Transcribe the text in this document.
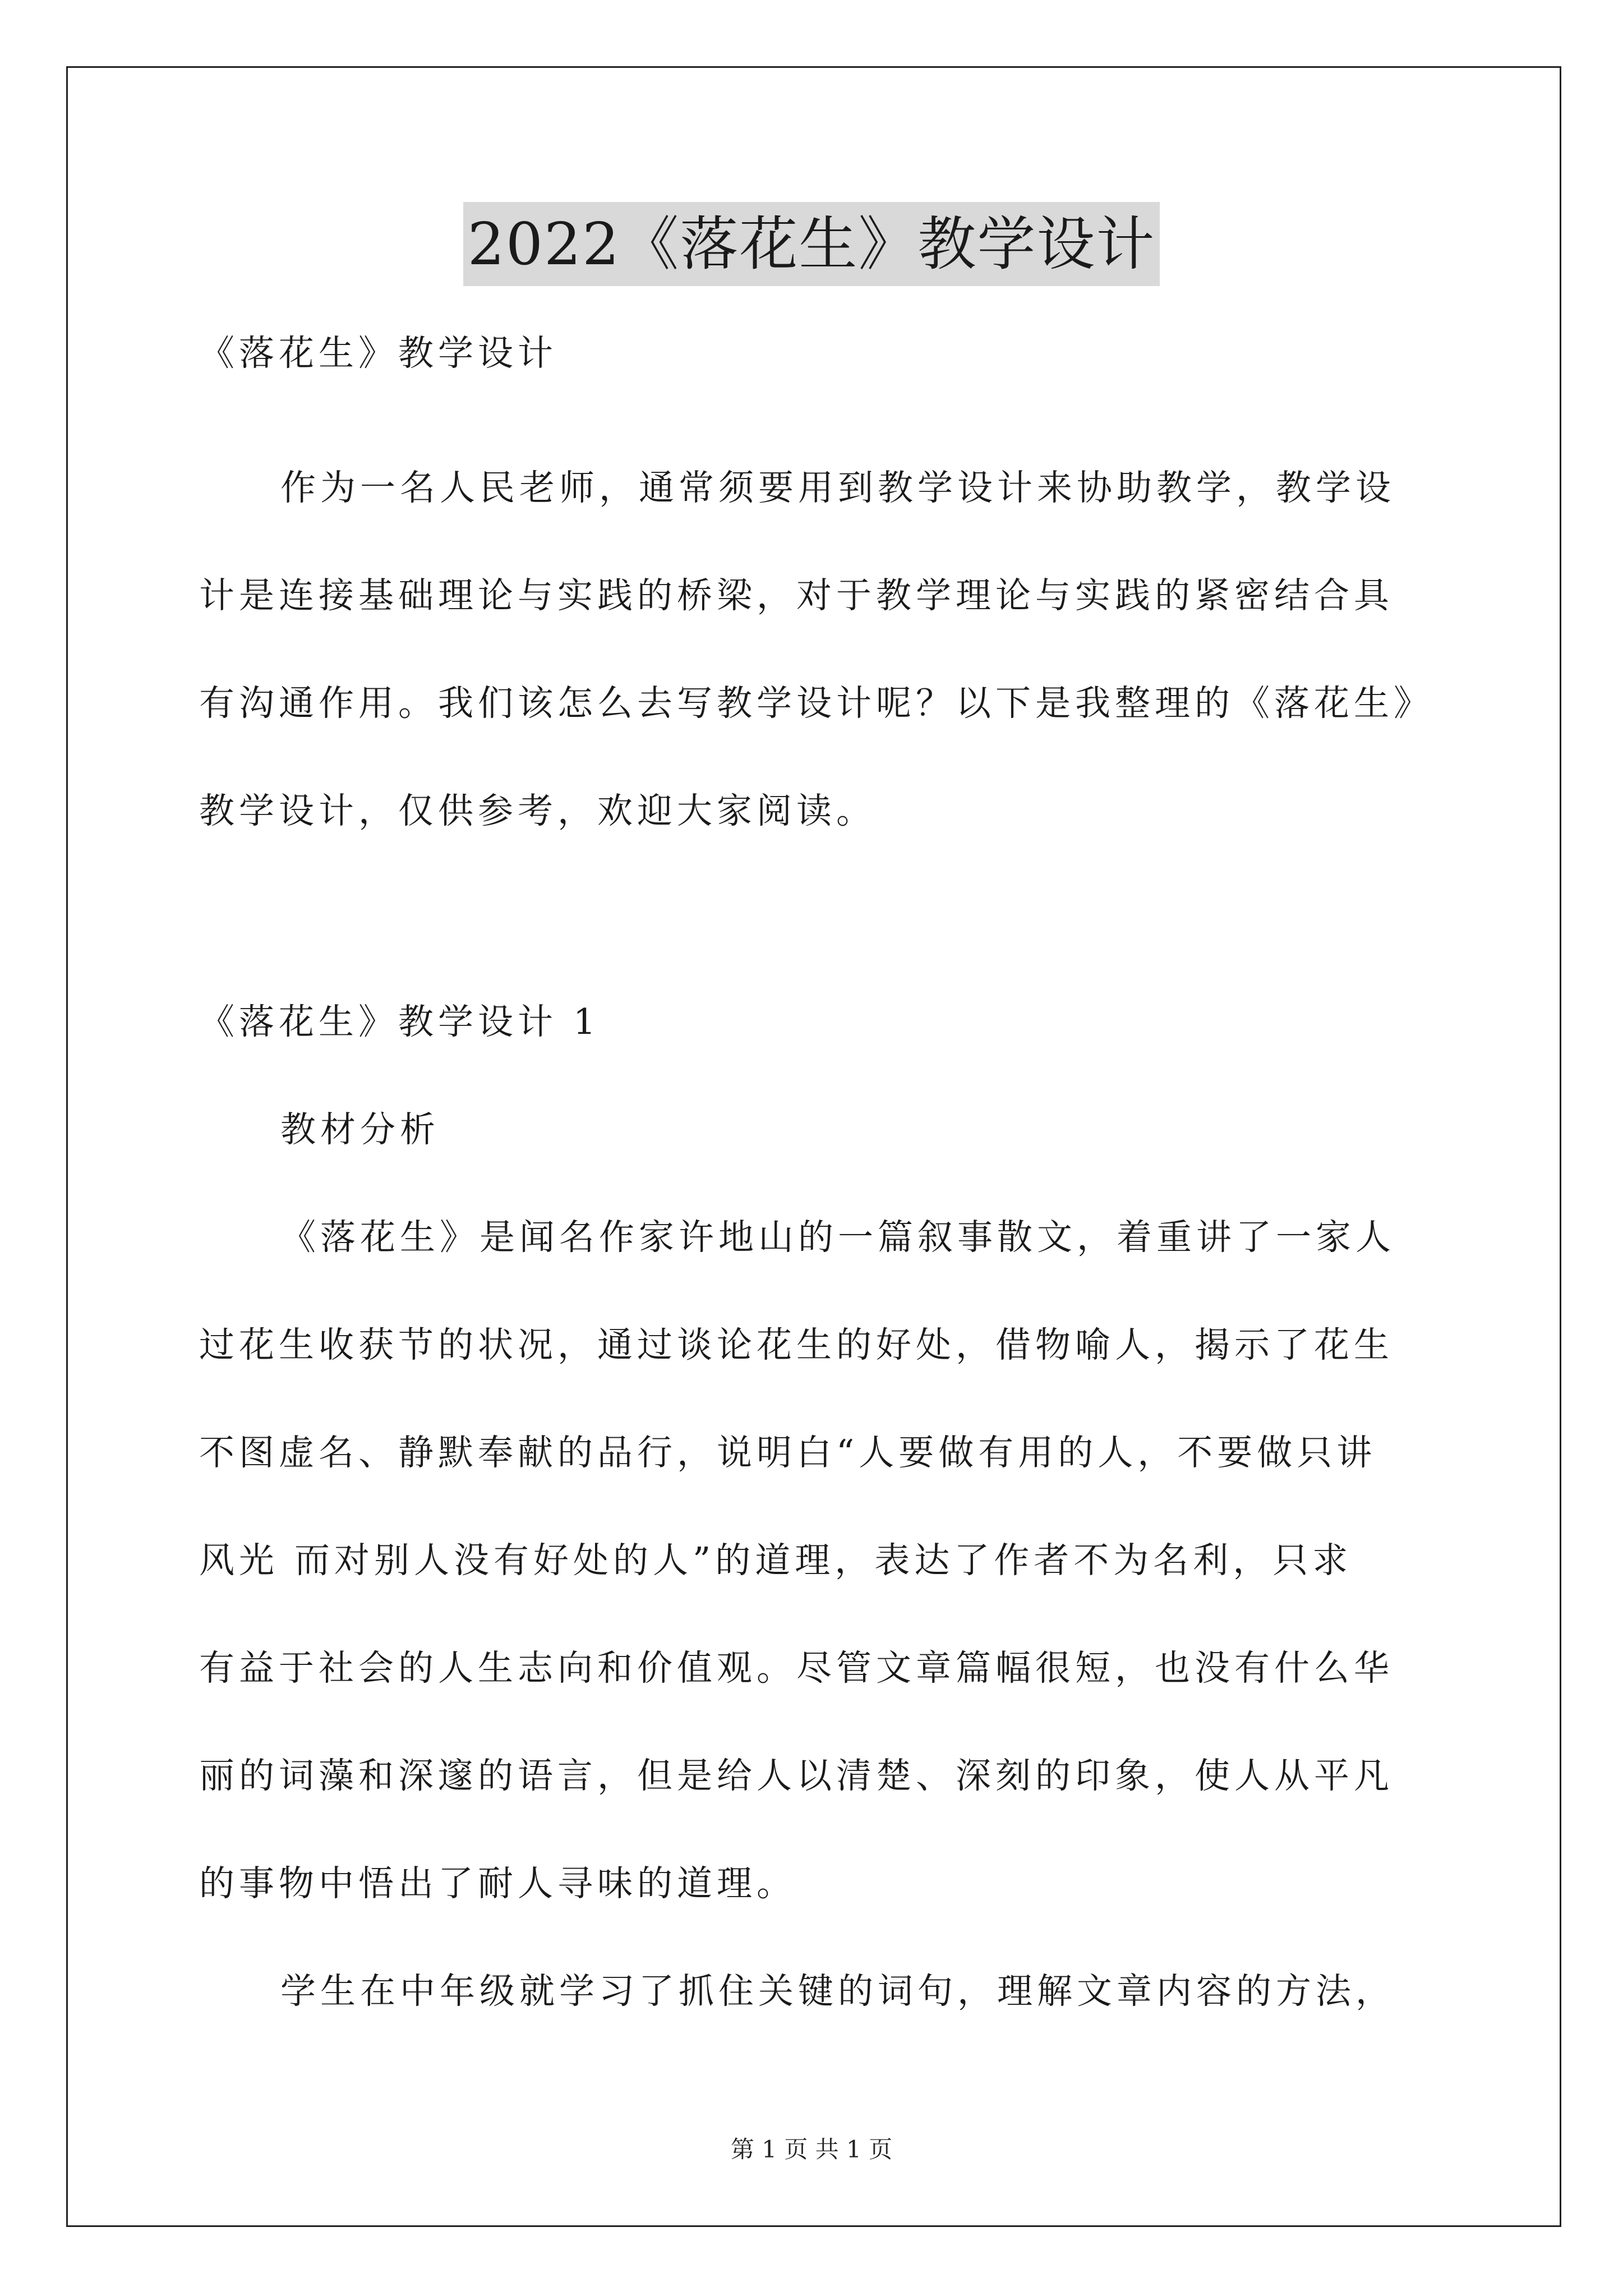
2022《落花生》教学设计
《落花生》教学设计
作为一名人民老师，通常须要用到教学设计来协助教学，教学设
计是连接基础理论与实践的桥梁，对于教学理论与实践的紧密结合具
有沟通作用。我们该怎么去写教学设计呢？以下是我整理的《落花生》
教学设计，仅供参考，欢迎大家阅读。
《落花生》教学设计 1
教材分析
《落花生》是闻名作家许地山的一篇叙事散文，着重讲了一家人
过花生收获节的状况，通过谈论花生的好处，借物喻人，揭示了花生
不图虚名、静默奉献的品行，说明白“人要做有用的人，不要做只讲
风光 而对别人没有好处的人”的道理，表达了作者不为名利，只求
有益于社会的人生志向和价值观。尽管文章篇幅很短，也没有什么华
丽的词藻和深邃的语言，但是给人以清楚、深刻的印象，使人从平凡
的事物中悟出了耐人寻味的道理。
学生在中年级就学习了抓住关键的词句，理解文章内容的方法，
第 1 页 共 1 页
